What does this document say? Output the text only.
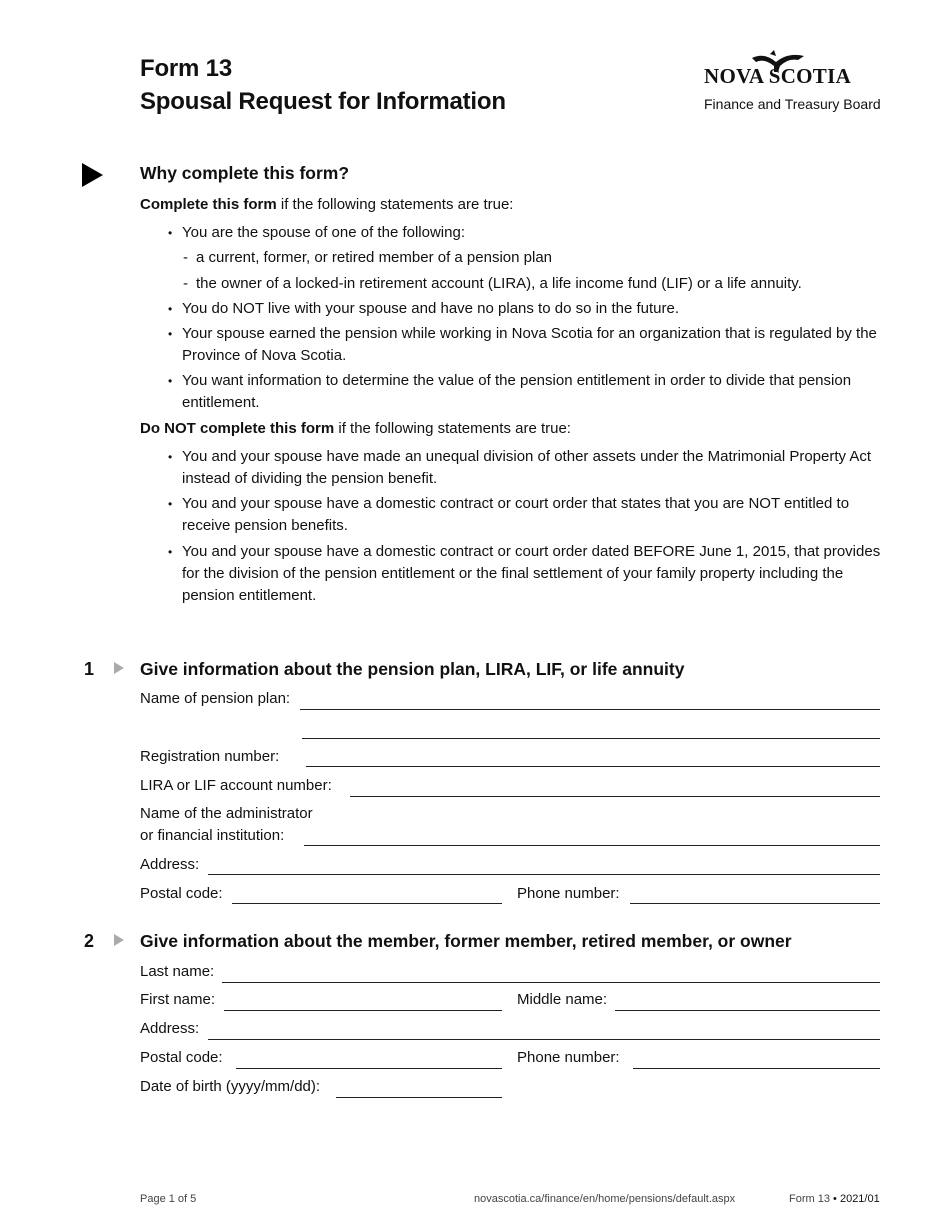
Form 13
Spousal Request for Information
NOVA SCOTIA
Finance and Treasury Board
Why complete this form?
Complete this form if the following statements are true:
• You are the spouse of one of the following:
- a current, former, or retired member of a pension plan
- the owner of a locked-in retirement account (LIRA), a life income fund (LIF) or a life annuity.
• You do NOT live with your spouse and have no plans to do so in the future.
• Your spouse earned the pension while working in Nova Scotia for an organization that is regulated by the Province of Nova Scotia.
• You want information to determine the value of the pension entitlement in order to divide that pension entitlement.
Do NOT complete this form if the following statements are true:
• You and your spouse have made an unequal division of other assets under the Matrimonial Property Act instead of dividing the pension benefit.
• You and your spouse have a domestic contract or court order that states that you are NOT entitled to receive pension benefits.
• You and your spouse have a domestic contract or court order dated BEFORE June 1, 2015, that provides for the division of the pension entitlement or the final settlement of your family property including the pension entitlement.
1	Give information about the pension plan, LIRA, LIF, or life annuity
Name of pension plan:
Registration number:
LIRA or LIF account number:
Name of the administrator
or financial institution:
Address:
Postal code:	Phone number:
2	Give information about the member, former member, retired member, or owner
Last name:
First name:	Middle name:
Address:
Postal code:	Phone number:
Date of birth (yyyy/mm/dd):
Page 1 of 5	novascotia.ca/finance/en/home/pensions/default.aspx	Form 13 • 2021/01
